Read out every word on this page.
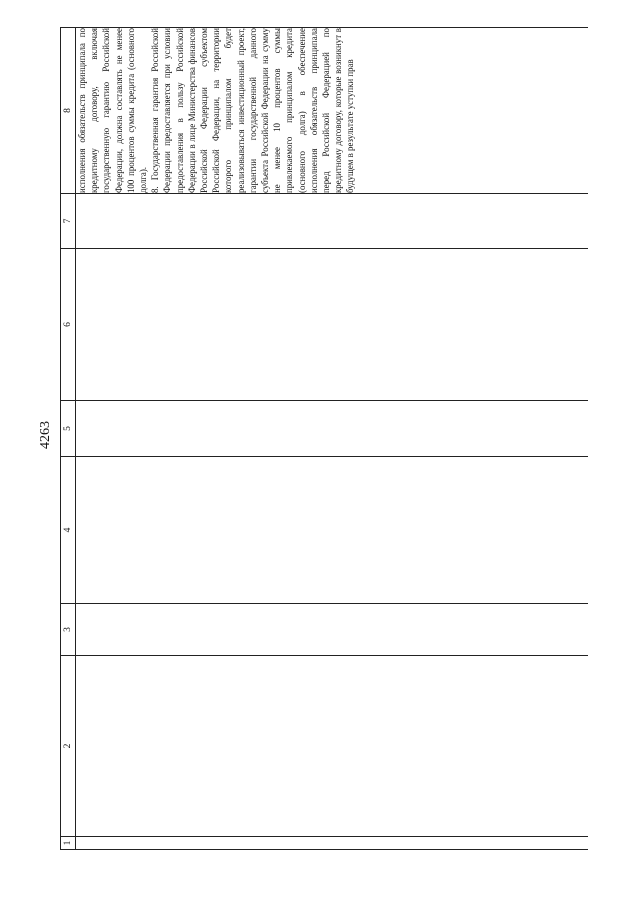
4263
1	2	3	4	5	6	7	8

							исполнения обязательств принципала по кредитному договору, включая государственную гарантию Российской Федерации, должна составлять не менее 100 процентов суммы кредита (основного долга). 8. Государственная гарантия Российской Федерации предоставляется при условии предоставления в пользу Российской Федерации в лице Министерства финансов Российской Федерации субъектом Российской Федерации, на территории которого принципалом будет реализовываться инвестиционный проект, гарантии государственной данного субъекта Российской Федерации на сумму не менее 10 процентов суммы привлекаемого принципалом кредита (основного долга) в обеспечение исполнения обязательств принципала перед Российской Федерацией по кредитному договору, которые возникнут в будущем в результате уступки прав
